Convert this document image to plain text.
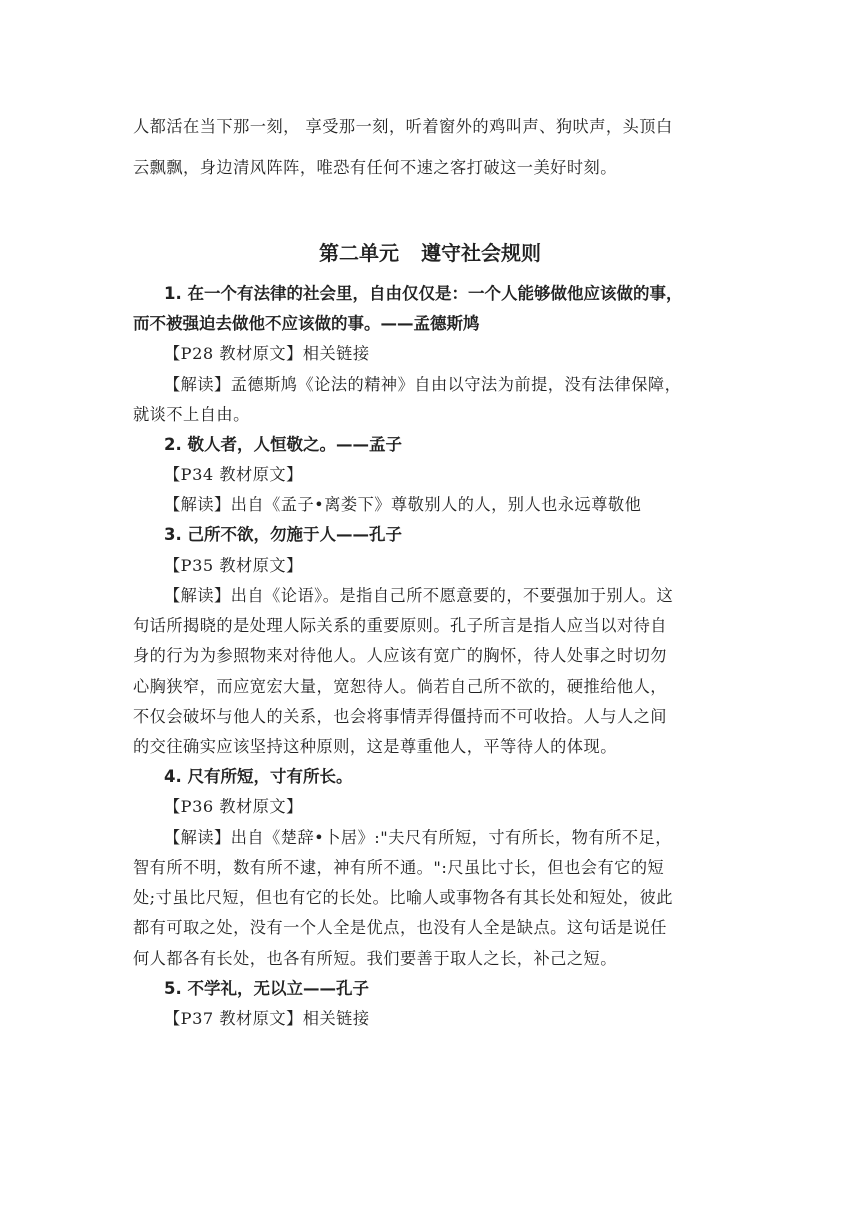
人都活在当下那一刻， 享受那一刻，听着窗外的鸡叫声、狗吠声，头顶白
云飘飘，身边清风阵阵，唯恐有任何不速之客打破这一美好时刻。
第二单元 遵守社会规则
1. 在一个有法律的社会里，自由仅仅是：一个人能够做他应该做的事，
而不被强迫去做他不应该做的事。——孟德斯鸠
【P28 教材原文】相关链接
【解读】孟德斯鸠《论法的精神》自由以守法为前提，没有法律保障，
就谈不上自由。
2. 敬人者，人恒敬之。——孟子
【P34 教材原文】
【解读】出自《孟子•离娄下》尊敬别人的人，别人也永远尊敬他
3. 己所不欲，勿施于人——孔子
【P35 教材原文】
【解读】出自《论语》。是指自己所不愿意要的，不要强加于别人。这
句话所揭晓的是处理人际关系的重要原则。孔子所言是指人应当以对待自
身的行为为参照物来对待他人。人应该有宽广的胸怀，待人处事之时切勿
心胸狭窄，而应宽宏大量，宽恕待人。倘若自己所不欲的，硬推给他人，
不仅会破坏与他人的关系，也会将事情弄得僵持而不可收拾。人与人之间
的交往确实应该坚持这种原则，这是尊重他人，平等待人的体现。
4. 尺有所短，寸有所长。
【P36 教材原文】
【解读】出自《楚辞•卜居》:"夫尺有所短，寸有所长，物有所不足，
智有所不明，数有所不逮，神有所不通。":尺虽比寸长，但也会有它的短
处;寸虽比尺短，但也有它的长处。比喻人或事物各有其长处和短处，彼此
都有可取之处，没有一个人全是优点，也没有人全是缺点。这句话是说任
何人都各有长处，也各有所短。我们要善于取人之长，补己之短。
5. 不学礼，无以立——孔子
【P37 教材原文】相关链接
